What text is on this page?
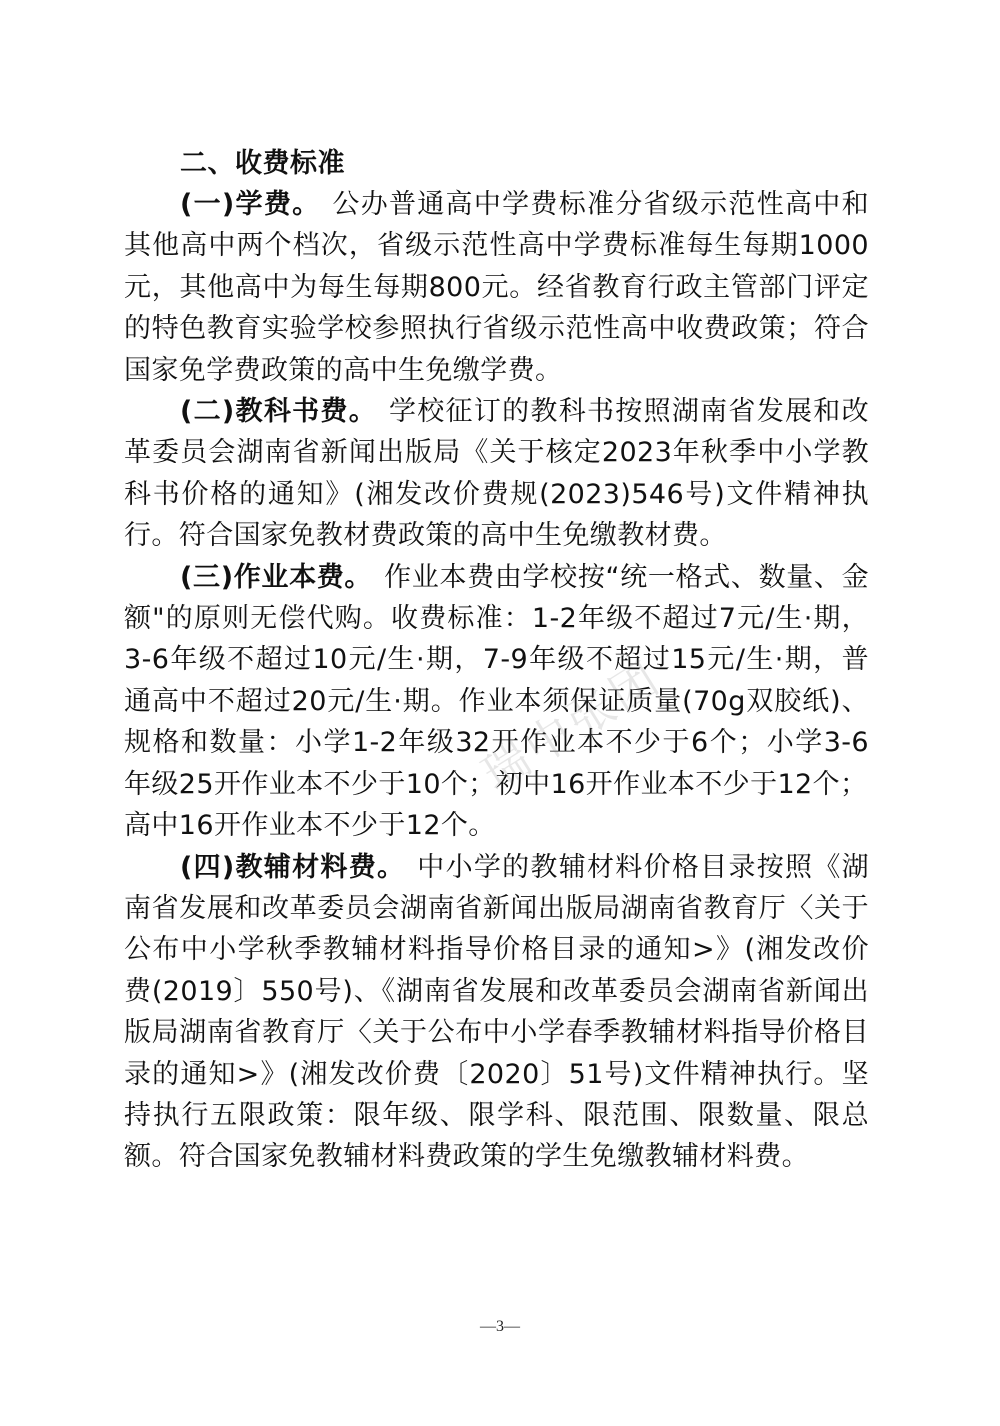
二、收费标准

(一)学费。 公办普通高中学费标准分省级示范性高中和其他高中两个档次，省级示范性高中学费标准每生每期1000元，其他高中为每生每期800元。经省教育行政主管部门评定的特色教育实验学校参照执行省级示范性高中收费政策；符合国家免学费政策的高中生免缴学费。

(二)教科书费。 学校征订的教科书按照湖南省发展和改革委员会湖南省新闻出版局《关于核定2023年秋季中小学教科书价格的通知》(湘发改价费规(2023)546号)文件精神执行。符合国家免教材费政策的高中生免缴教材费。

(三)作业本费。 作业本费由学校按“统一格式、数量、金 额"的原则无偿代购。收费标准：1-2年级不超过7元/生·期，3-6年级不超过10元/生·期，7-9年级不超过15元/生·期，普 通高中不超过20元/生·期。作业本须保证质量(70g双胶纸)、规格和数量：小学1-2年级32开作业本不少于6个；小学3-6 年级25开作业本不少于10个；初中16开作业本不少于12个；
高中16开作业本不少于12个。

(四)教辅材料费。 中小学的教辅材料价格目录按照《湖南省发展和改革委员会湖南省新闻出版局湖南省教育厅〈关于公布中小学秋季教辅材料指导价格目录的通知>》(湘发改价费(2019〕550号)、《湖南省发展和改革委员会湖南省新闻出版局湖南省教育厅〈关于公布中小学春季教辅材料指导价格目录的通知>》(湘发改价费〔2020〕51号)文件精神执行。坚持执行五限政策：限年级、限学科、限范围、限数量、限总额。符合国家免教辅材料费政策的学生免缴教辅材料费。

瑞中张团
—3—
